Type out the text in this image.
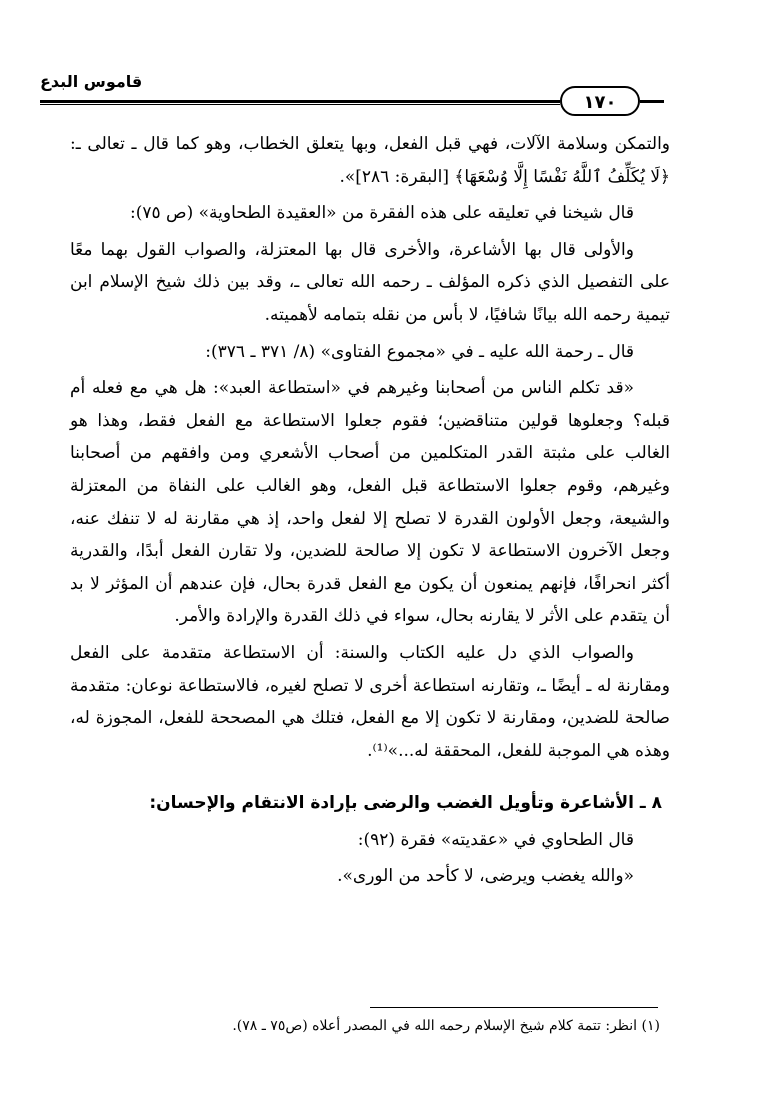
قاموس البدع
١٧٠

والتمكن وسلامة الآلات، فهي قبل الفعل، وبها يتعلق الخطاب، وهو كما قال ـ تعالى ـ: ﴿لَا يُكَلِّفُ ٱللَّهُ نَفْسًا إِلَّا وُسْعَهَا﴾ [البقرة: ٢٨٦]».

قال شيخنا في تعليقه على هذه الفقرة من «العقيدة الطحاوية» (ص ٧٥):

والأولى قال بها الأشاعرة، والأخرى قال بها المعتزلة، والصواب القول بهما معًا على التفصيل الذي ذكره المؤلف ـ رحمه الله تعالى ـ، وقد بين ذلك شيخ الإسلام ابن تيمية رحمه الله بيانًا شافيًا، لا بأس من نقله بتمامه لأهميته.

قال ـ رحمة الله عليه ـ في «مجموع الفتاوى» (٨/ ٣٧١ ـ ٣٧٦):

«قد تكلم الناس من أصحابنا وغيرهم في «استطاعة العبد»: هل هي مع فعله أم قبله؟ وجعلوها قولين متناقضين؛ فقوم جعلوا الاستطاعة مع الفعل فقط، وهذا هو الغالب على مثبتة القدر المتكلمين من أصحاب الأشعري ومن وافقهم من أصحابنا وغيرهم، وقوم جعلوا الاستطاعة قبل الفعل، وهو الغالب على النفاة من المعتزلة والشيعة، وجعل الأولون القدرة لا تصلح إلا لفعل واحد، إذ هي مقارنة له لا تنفك عنه، وجعل الآخرون الاستطاعة لا تكون إلا صالحة للضدين، ولا تقارن الفعل أبدًا، والقدرية أكثر انحرافًا، فإنهم يمنعون أن يكون مع الفعل قدرة بحال، فإن عندهم أن المؤثر لا بد أن يتقدم على الأثر لا يقارنه بحال، سواء في ذلك القدرة والإرادة والأمر.

والصواب الذي دل عليه الكتاب والسنة: أن الاستطاعة متقدمة على الفعل ومقارنة له ـ أيضًا ـ، وتقارنه استطاعة أخرى لا تصلح لغيره، فالاستطاعة نوعان: متقدمة صالحة للضدين، ومقارنة لا تكون إلا مع الفعل، فتلك هي المصححة للفعل، المجوزة له، وهذه هي الموجبة للفعل، المحققة له...»⁽¹⁾.

٨ ـ الأشاعرة وتأويل الغضب والرضى بإرادة الانتقام والإحسان:

قال الطحاوي في «عقديته» فقرة (٩٢):

«والله يغضب ويرضى، لا كأحد من الورى».

(١) انظر: تتمة كلام شيخ الإسلام رحمه الله في المصدر أعلاه (ص٧٥ ـ ٧٨).
